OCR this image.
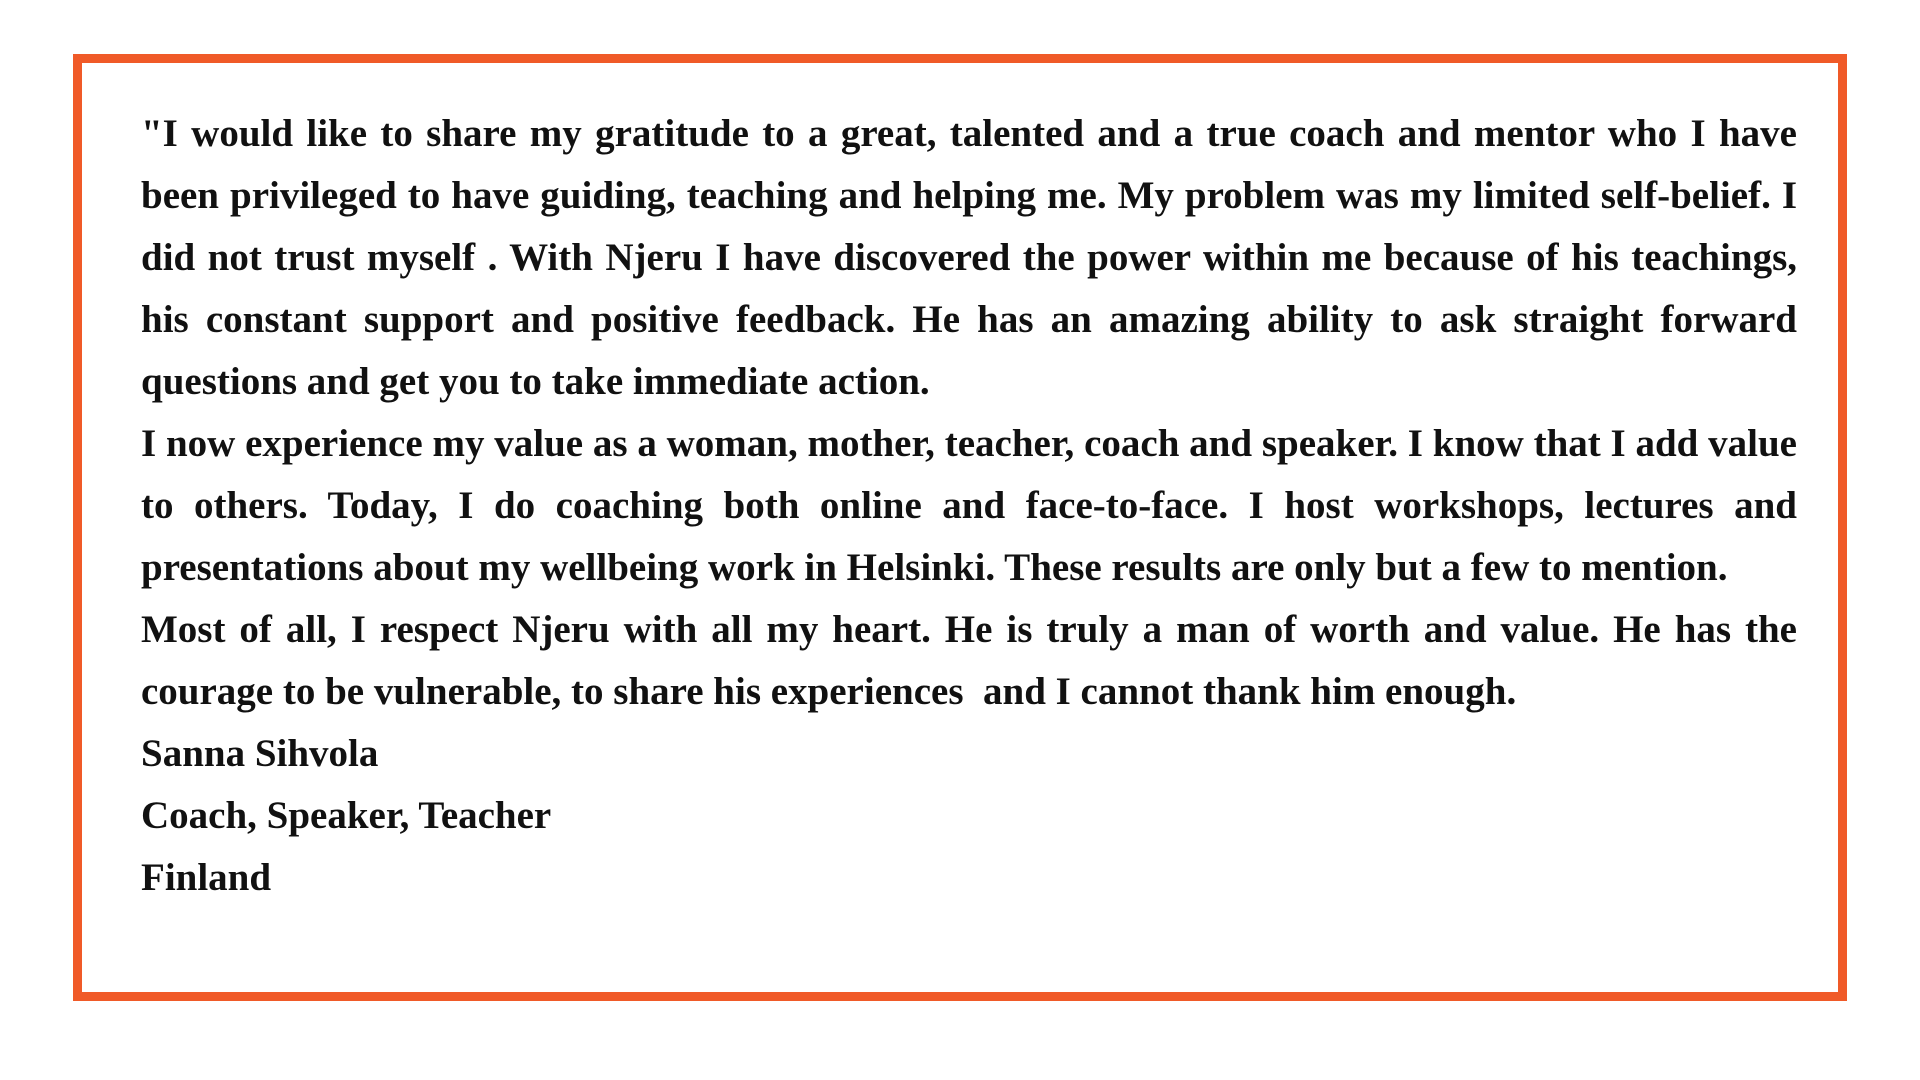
"I would like to share my gratitude to a great, talented and a true coach and mentor who I have been privileged to have guiding, teaching and helping me. My problem was my limited self-belief. I did not trust myself . With Njeru I have discovered the power within me because of his teachings, his constant support and positive feedback. He has an amazing ability to ask straight forward questions and get you to take immediate action.

I now experience my value as a woman, mother, teacher, coach and speaker. I know that I add value to others. Today, I do coaching both online and face-to-face. I host workshops, lectures and presentations about my wellbeing work in Helsinki. These results are only but a few to mention.

Most of all, I respect Njeru with all my heart. He is truly a man of worth and value. He has the courage to be vulnerable, to share his experiences  and I cannot thank him enough.

Sanna Sihvola

Coach, Speaker, Teacher

Finland
